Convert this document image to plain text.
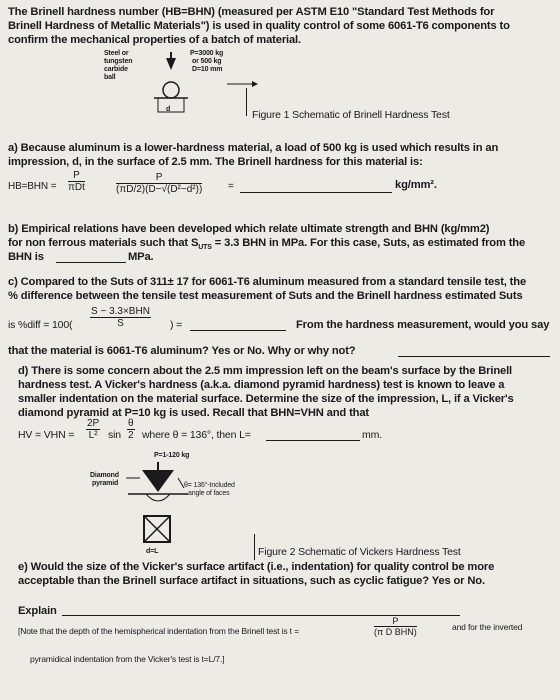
The Brinell hardness number (HB=BHN) (measured per ASTM E10 "Standard Test Methods for
Brinell Hardness of Metallic Materials") is used in quality control of some 6061-T6 components to
confirm the mechanical properties of a batch of material.
Steel or
tungsten
carbide
ball
P=3000 kg
or 500 kg
D=10 mm
d	Figure 1 Schematic of Brinell Hardness Test
a) Because aluminum is a lower-hardness material, a load of 500 kg is used which results in an
impression, d, in the surface of 2.5 mm. The Brinell hardness for this material is:
HB=BHN =
P
πDt
P
(πD/2)(D−√(D²−d²))	=	kg/mm².
b) Empirical relations have been developed which relate ultimate strength and BHN (kg/mm2)
for non ferrous materials such that $S_{UTS} = 3.3$ BHN in MPa. For this case, Suts, as estimated from the
BHN is	MPa.
c) Compared to the Suts of 311± 17 for 6061-T6 aluminum measured from a standard tensile test, the
% difference between the tensile test measurement of Suts and the Brinell hardness estimated Suts
is %diff = 100(
S − 3.3×BHN
S	) =	From the hardness measurement, would you say
that the material is 6061-T6 aluminum? Yes or No. Why or why not?
d) There is some concern about the 2.5 mm impression left on the beam's surface by the Brinell
hardness test. A Vicker's hardness (a.k.a. diamond pyramid hardness) test is known to leave a
smaller indentation on the material surface. Determine the size of the impression, L, if a Vicker's
diamond pyramid at P=10 kg is used. Recall that BHN=VHN and that
HV = VHN =
2P
L² sin
θ
2 where θ = 136°, then L=	mm.
P=1-120 kg
Diamond
pyramid	θ= 136°-Included
angle of faces
d=L	Figure 2 Schematic of Vickers Hardness Test
e) Would the size of the Vicker's surface artifact (i.e., indentation) for quality control be more
acceptable than the Brinell surface artifact in situations, such as cyclic fatigue? Yes or No.
Explain
[Note that the depth of the hemispherical indentation from the Brinell test is t =
P
(π D BHN)	and for the inverted
pyramidical indentation from the Vicker's test is t=L/7.]
